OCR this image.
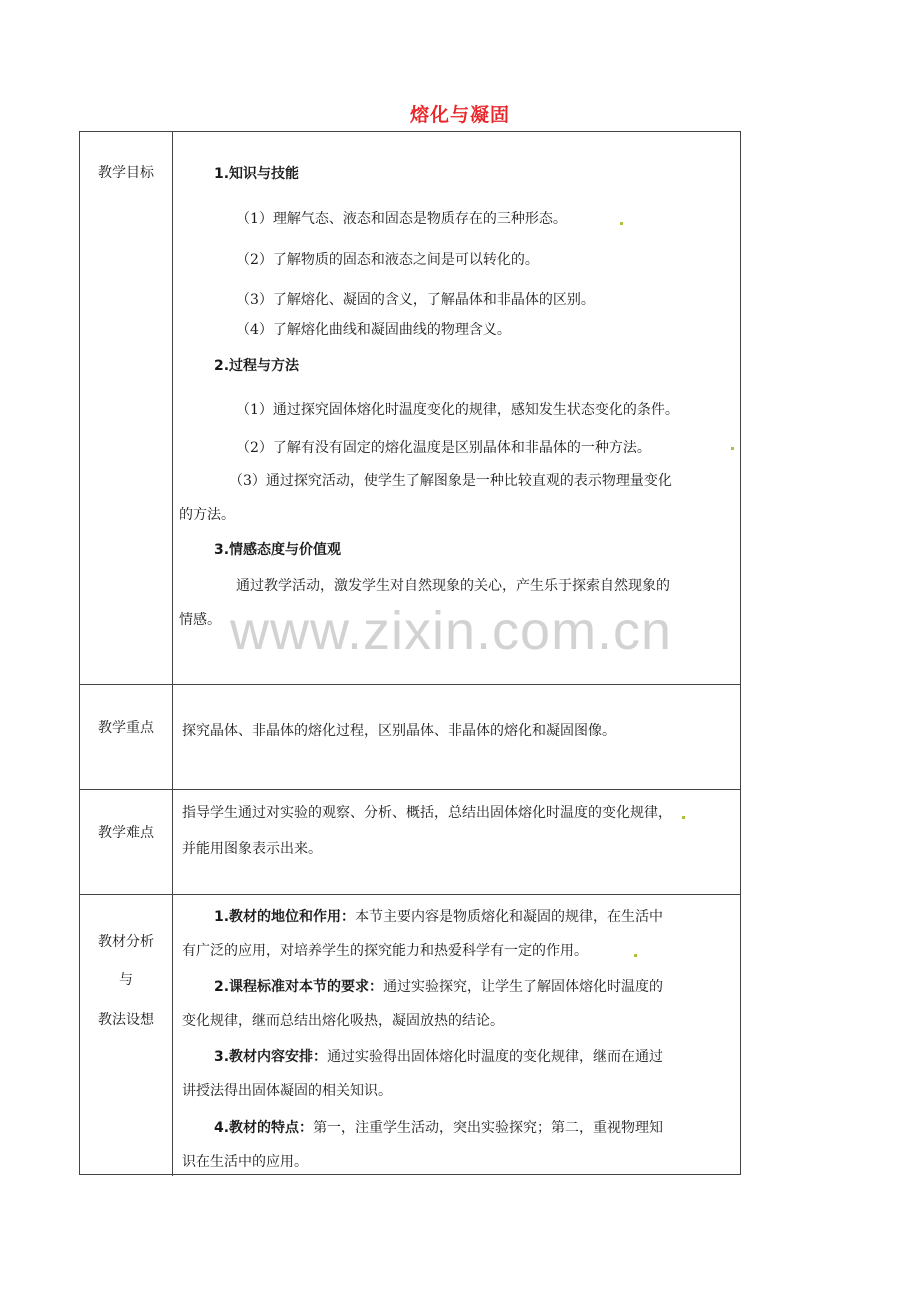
熔化与凝固
教学目标	1.知识与技能
（1）理解气态、液态和固态是物质存在的三种形态。
（2）了解物质的固态和液态之间是可以转化的。
（3）了解熔化、凝固的含义，了解晶体和非晶体的区别。
（4）了解熔化曲线和凝固曲线的物理含义。
2.过程与方法
（1）通过探究固体熔化时温度变化的规律，感知发生状态变化的条件。
（2）了解有没有固定的熔化温度是区别晶体和非晶体的一种方法。
（3）通过探究活动，使学生了解图象是一种比较直观的表示物理量变化
的方法。
3.情感态度与价值观
通过教学活动，激发学生对自然现象的关心，产生乐于探索自然现象的
情感。
教学重点	探究晶体、非晶体的熔化过程，区别晶体、非晶体的熔化和凝固图像。
教学难点
指导学生通过对实验的观察、分析、概括，总结出固体熔化时温度的变化规律，
并能用图象表示出来。
教材分析
与
教法设想
1.教材的地位和作用：本节主要内容是物质熔化和凝固的规律，在生活中
有广泛的应用，对培养学生的探究能力和热爱科学有一定的作用。
2.课程标准对本节的要求：通过实验探究，让学生了解固体熔化时温度的
变化规律，继而总结出熔化吸热，凝固放热的结论。
3.教材内容安排：通过实验得出固体熔化时温度的变化规律，继而在通过
讲授法得出固体凝固的相关知识。
4.教材的特点：第一，注重学生活动，突出实验探究；第二，重视物理知
识在生活中的应用。
www.zixin.com.cn
